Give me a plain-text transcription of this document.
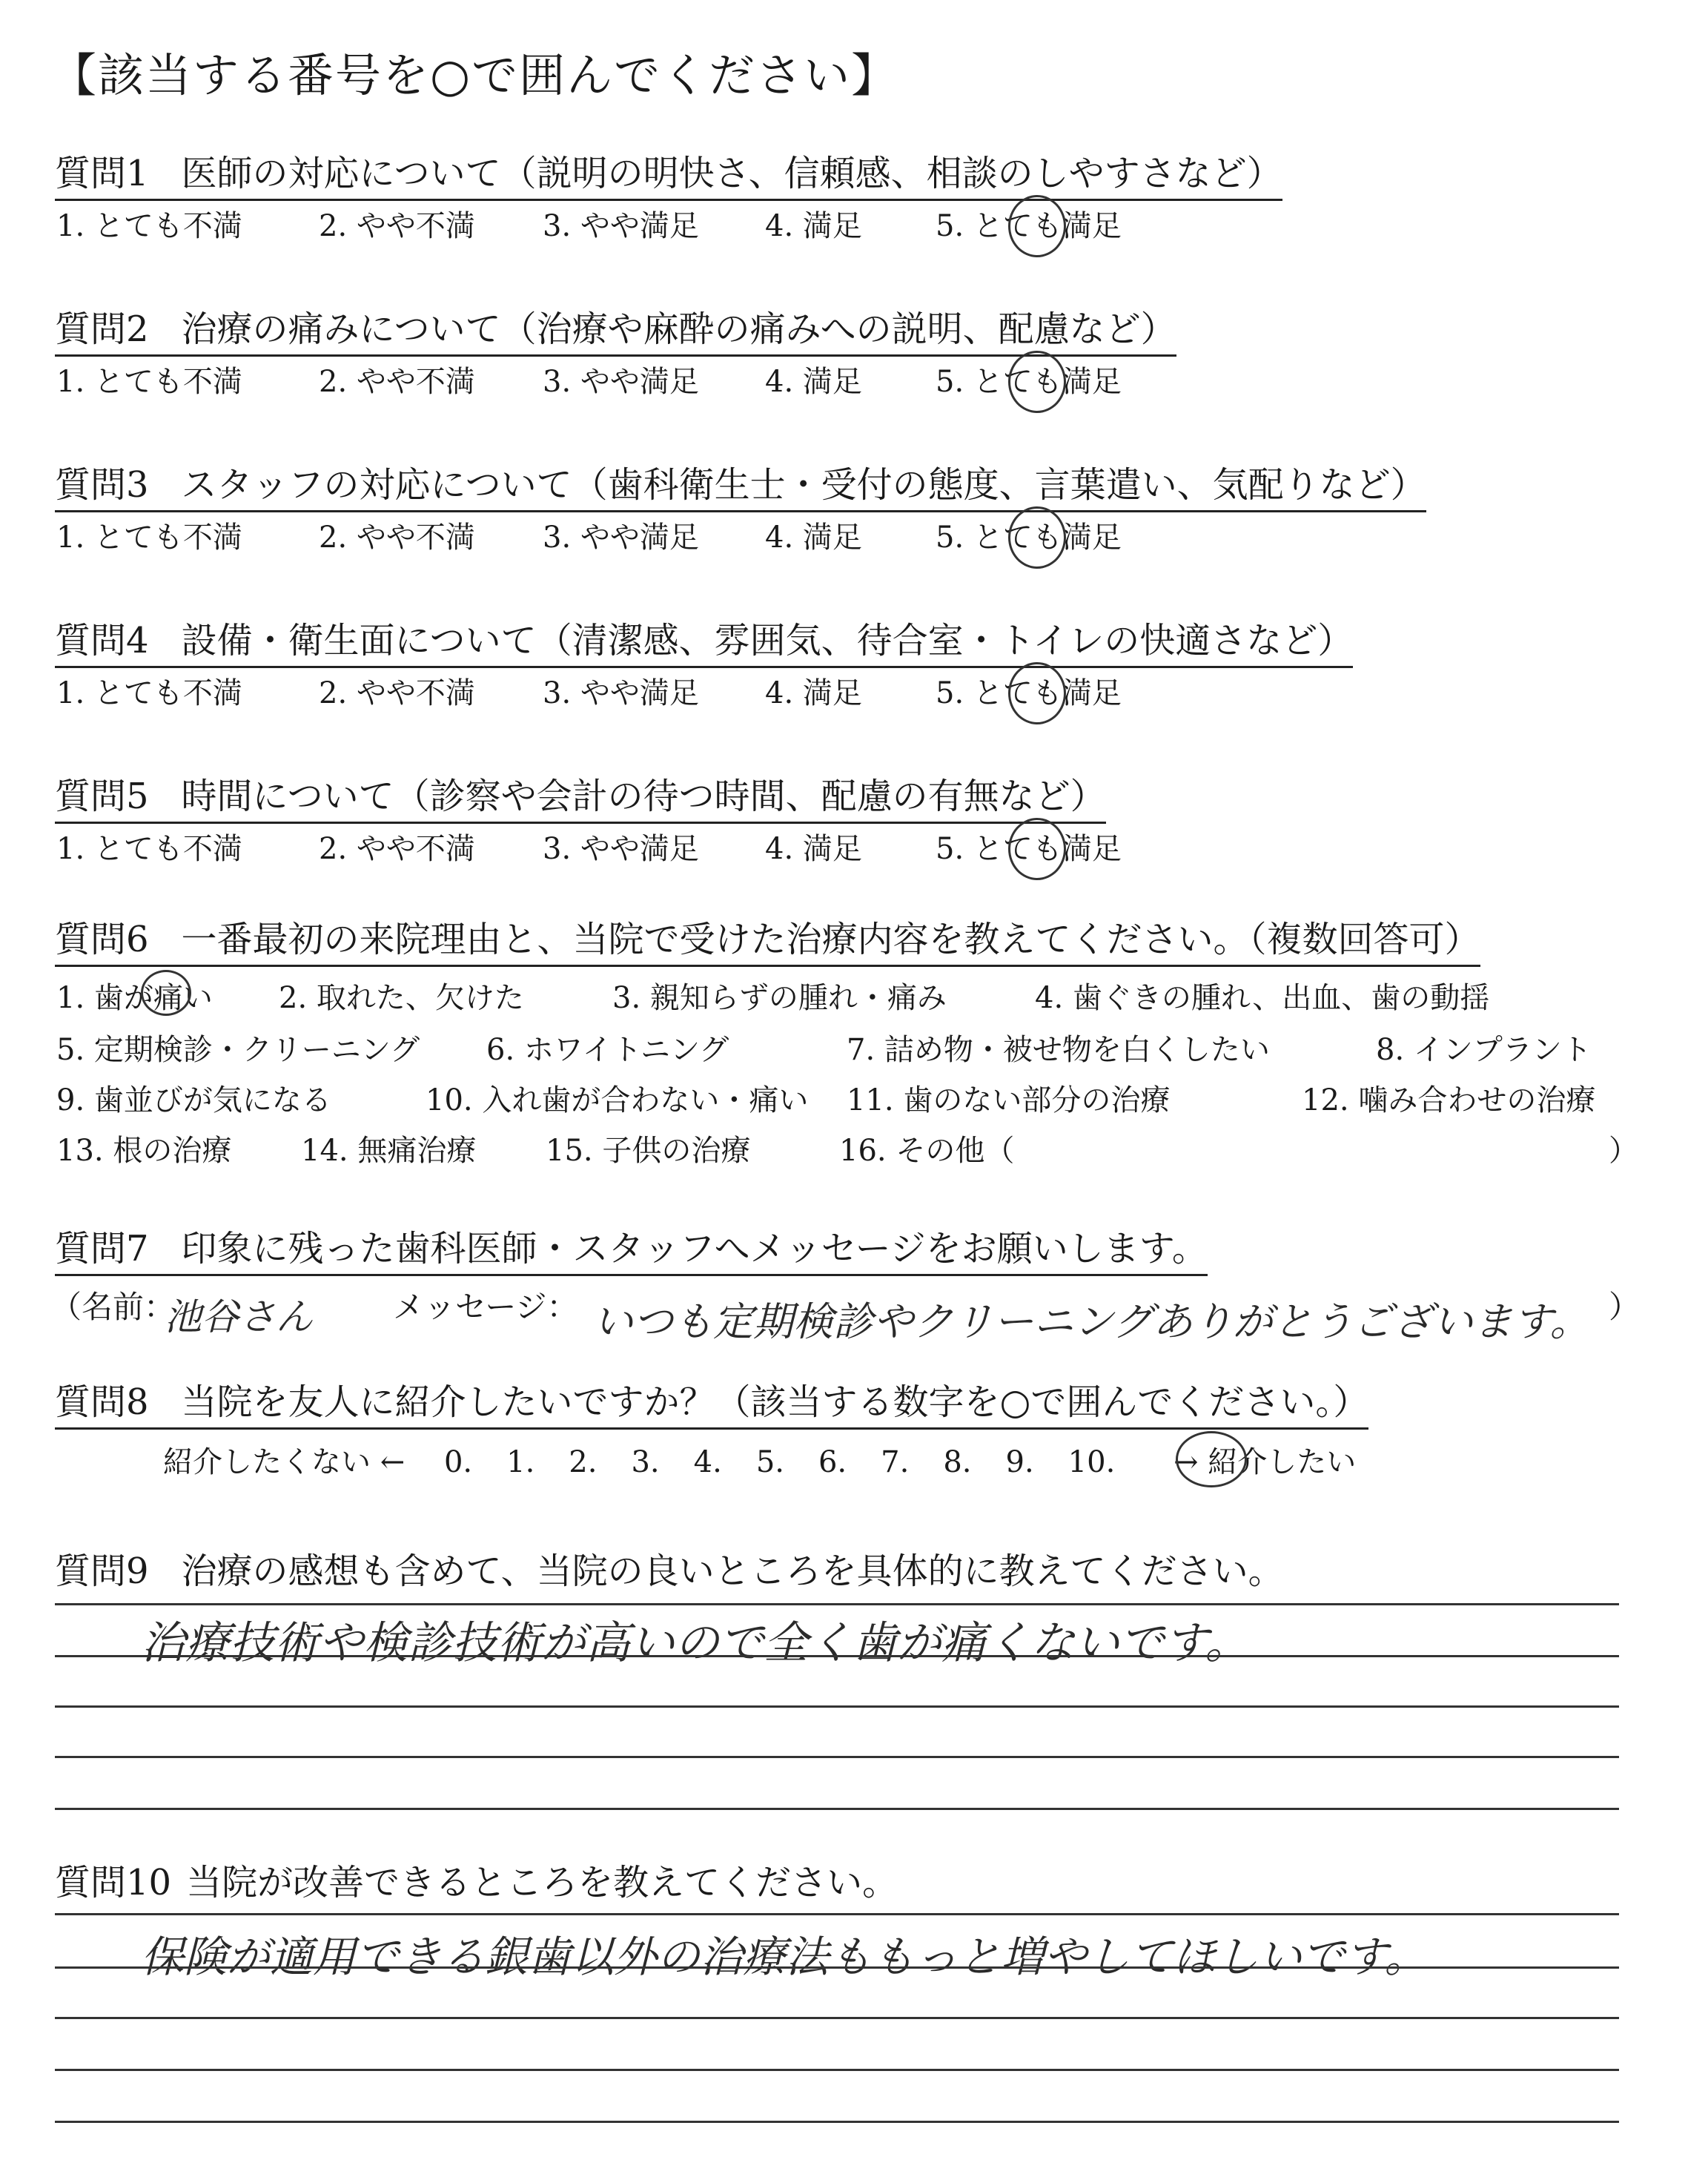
【該当する番号を○で囲んでください】
質問1 医師の対応について（説明の明快さ、信頼感、相談のしやすさなど）
1. とても不満	2. やや不満 3. やや満足 4. 満足 5. とても満足
質問2 治療の痛みについて（治療や麻酔の痛みへの説明、配慮など）
1. とても不満	2. やや不満 3. やや満足 4. 満足 5. とても満足
質問3 スタッフの対応について（歯科衛生士・受付の態度、言葉遣い、気配りなど）
1. とても不満	2. やや不満 3. やや満足 4. 満足 5. とても満足
質問4 設備・衛生面について（清潔感、雰囲気、待合室・トイレの快適さなど）
1. とても不満	2. やや不満 3. やや満足 4. 満足 5. とても満足
質問5 時間について（診察や会計の待つ時間、配慮の有無など）
1. とても不満	2. やや不満 3. やや満足 4. 満足 5. とても満足
質問6 一番最初の来院理由と、当院で受けた治療内容を教えてください。（複数回答可）
1. 歯が痛い 2. 取れた、欠けた	3. 親知らずの腫れ・痛み	4. 歯ぐきの腫れ、出血、歯の動揺
5. 定期検診・クリーニング 6. ホワイトニング	7. 詰め物・被せ物を白くしたい	8. インプラント
9. 歯並びが気になる	10. 入れ歯が合わない・痛い 11. 歯のない部分の治療	12. 噛み合わせの治療
13. 根の治療 14. 無痛治療 15. 子供の治療	16. その他（	）
質問7 印象に残った歯科医師・スタッフへメッセージをお願いします。
（名前：
池谷さん	メッセージ： いつも定期検診やクリーニングありがとうございます。 ）
質問8 当院を友人に紹介したいですか？（該当する数字を○で囲んでください。）
紹介したくない ← 0. 1. 2. 3. 4. 5. 6. 7. 8. 9. 10. → 紹介したい
質問9 治療の感想も含めて、当院の良いところを具体的に教えてください。
治療技術や検診技術が高いので全く歯が痛くないです。
質問10 当院が改善できるところを教えてください。
保険が適用できる銀歯以外の治療法ももっと増やしてほしいです。
